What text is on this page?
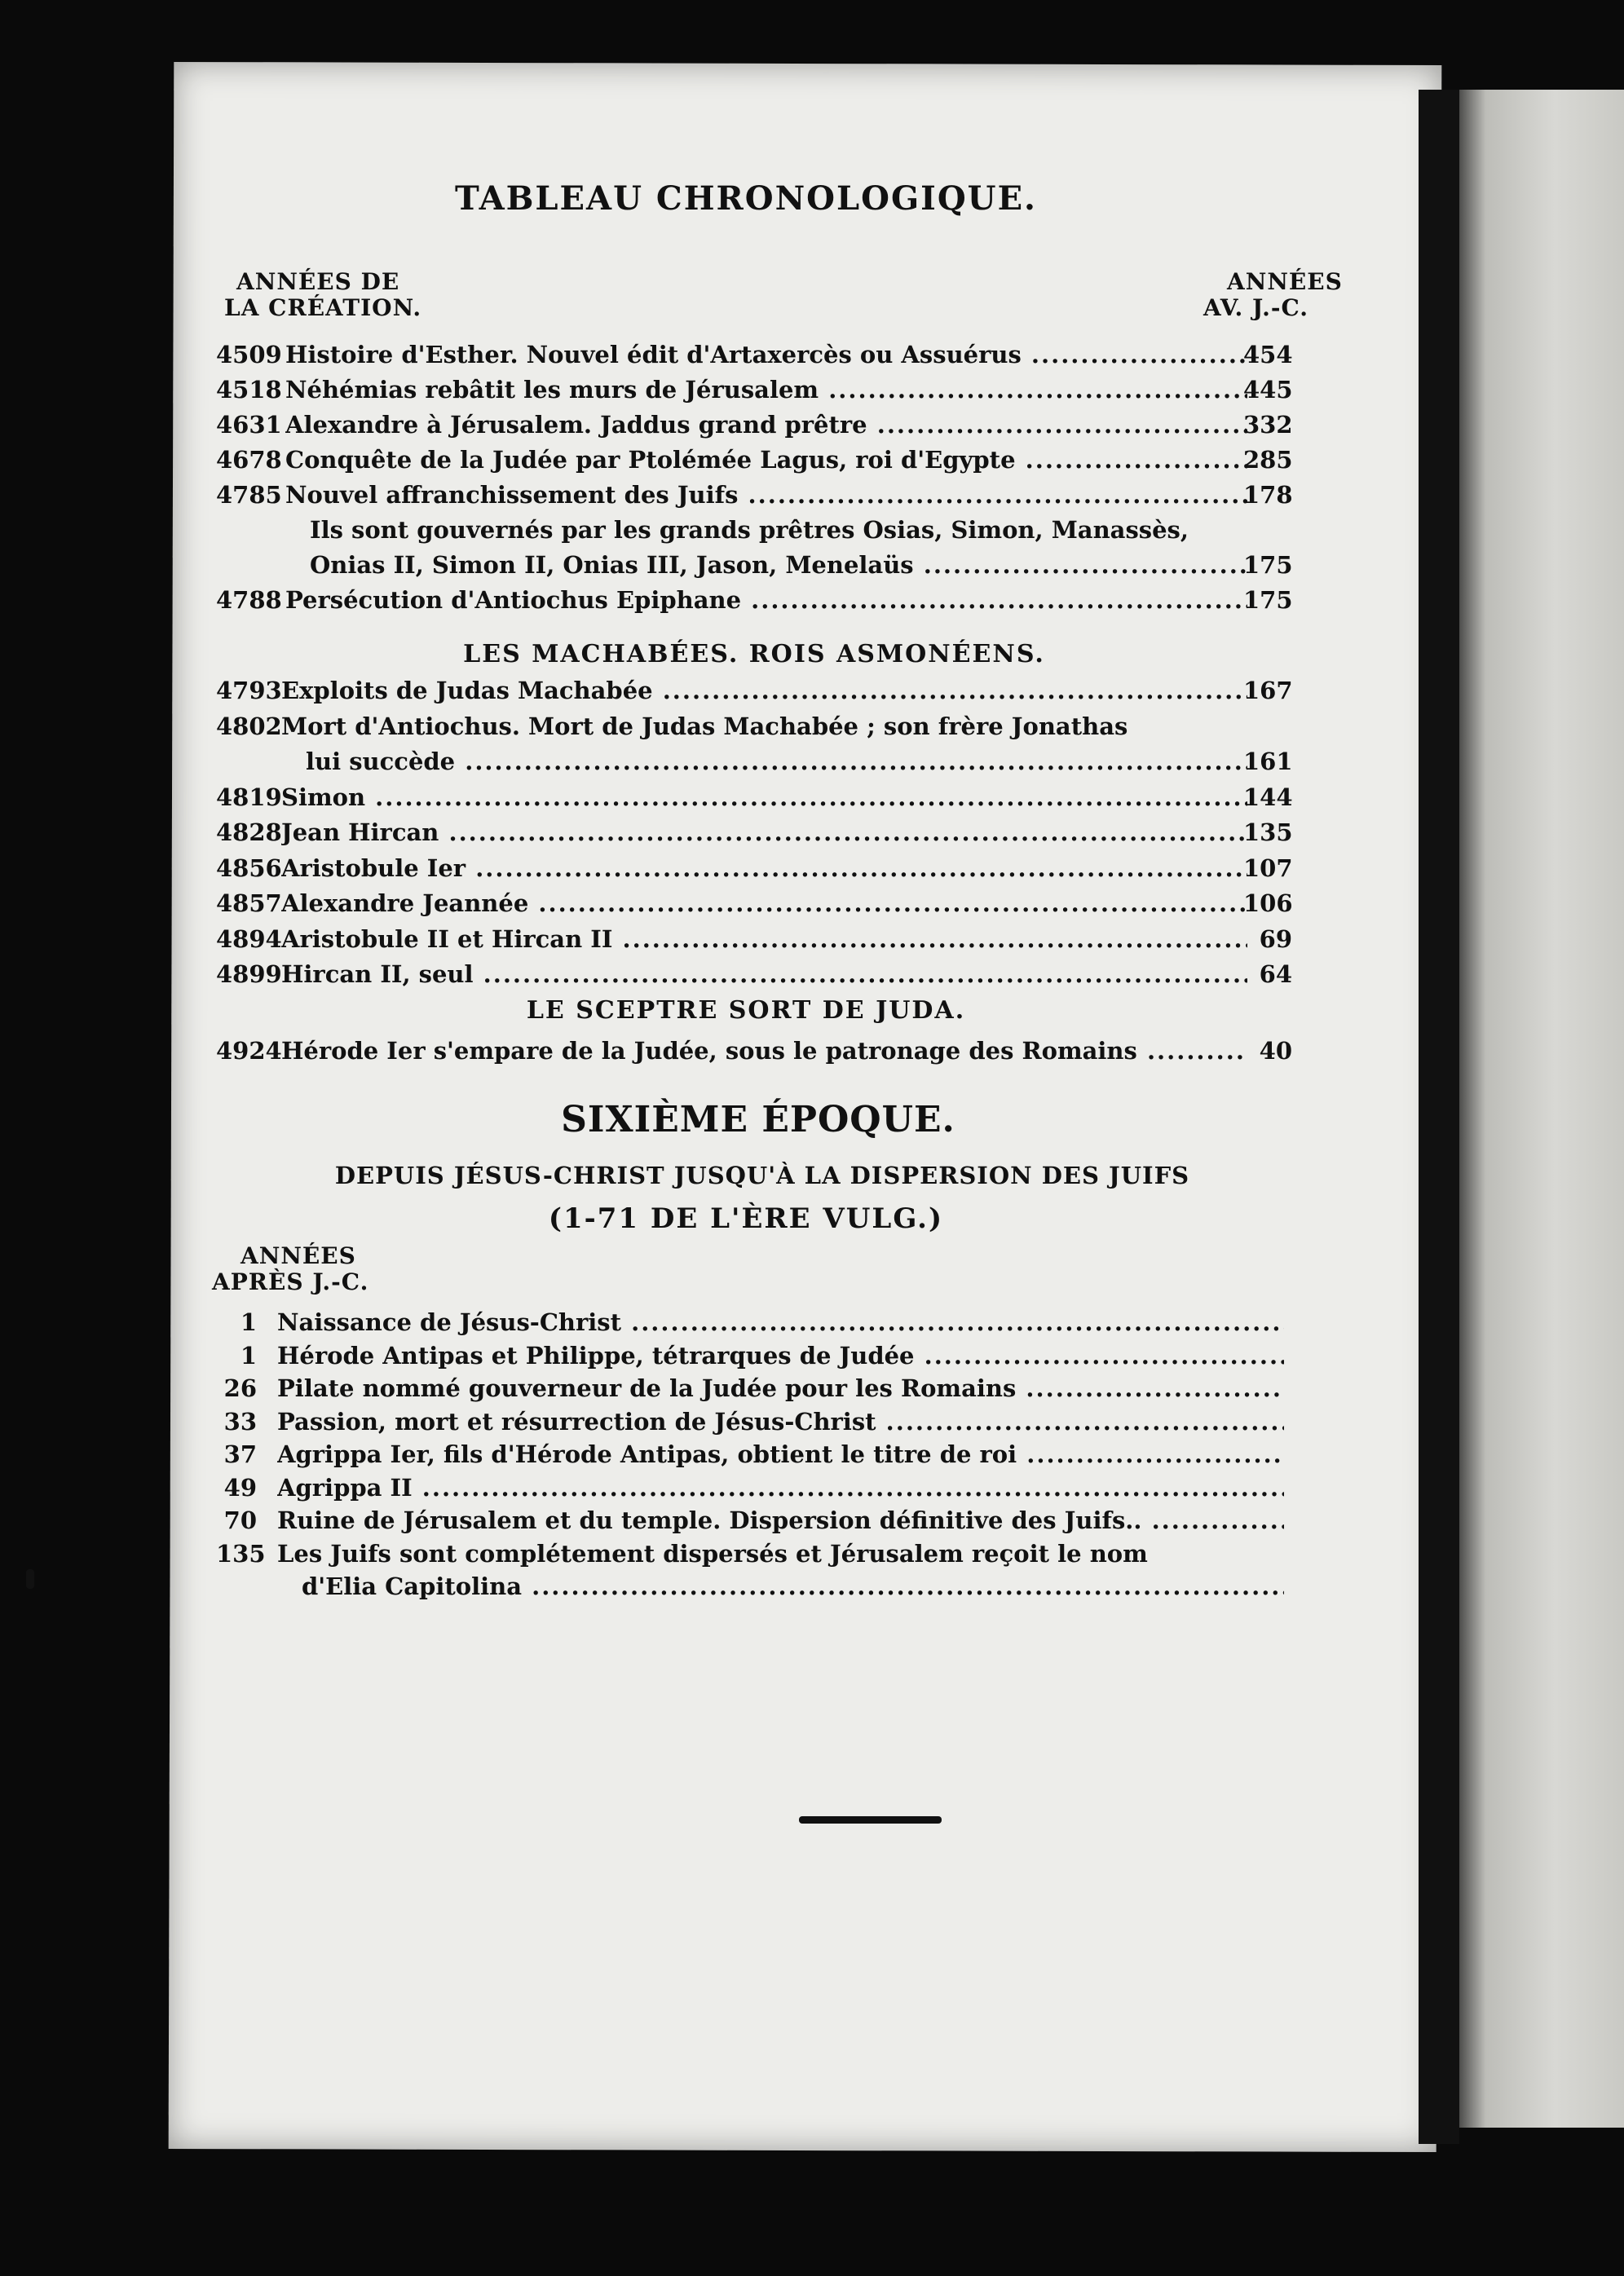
TABLEAU CHRONOLOGIQUE.
ANNÉES DE
LA CRÉATION.
ANNÉES
AV. J.-C.
4509 Histoire d'Esther. Nouvel édit d'Artaxercès ou Assuérus .....	454
4518 Néhémias rebâtit les murs de Jérusalem .....	445
4631 Alexandre à Jérusalem. Jaddus grand prêtre .....	332
4678 Conquête de la Judée par Ptolémée Lagus, roi d'Egypte .....	285
4785 Nouvel affranchissement des Juifs .....	178
Ils sont gouvernés par les grands prêtres Osias, Simon, Manassès,
Onias II, Simon II, Onias III, Jason, Menelaüs .....	175
4788 Persécution d'Antiochus Epiphane .....	175
LES MACHABÉES. ROIS ASMONÉENS.
4793 Exploits de Judas Machabée .....	167
4802 Mort d'Antiochus. Mort de Judas Machabée ; son frère Jonathas
lui succède .....	161
4819 Simon .....	144
4828 Jean Hircan .....	135
4856 Aristobule Ier .....	107
4857 Alexandre Jeannée .....	106
4894 Aristobule II et Hircan II .....	69
4899 Hircan II, seul .....	64
LE SCEPTRE SORT DE JUDA.
4924 Hérode Ier s'empare de la Judée, sous le patronage des Romains .....	40
SIXIÈME ÉPOQUE.
DEPUIS JÉSUS-CHRIST JUSQU'À LA DISPERSION DES JUIFS
(1-71 DE L'ÈRE VULG.)
ANNÉES
APRÈS J.-C.
1 Naissance de Jésus-Christ .....
1 Hérode Antipas et Philippe, tétrarques de Judée .....
26 Pilate nommé gouverneur de la Judée pour les Romains .....
33 Passion, mort et résurrection de Jésus-Christ .....
37 Agrippa Ier, fils d'Hérode Antipas, obtient le titre de roi .....
49 Agrippa II .....
70 Ruine de Jérusalem et du temple. Dispersion définitive des Juifs.. .....
135 Les Juifs sont complétement dispersés et Jérusalem reçoit le nom
d'Elia Capitolina .....
